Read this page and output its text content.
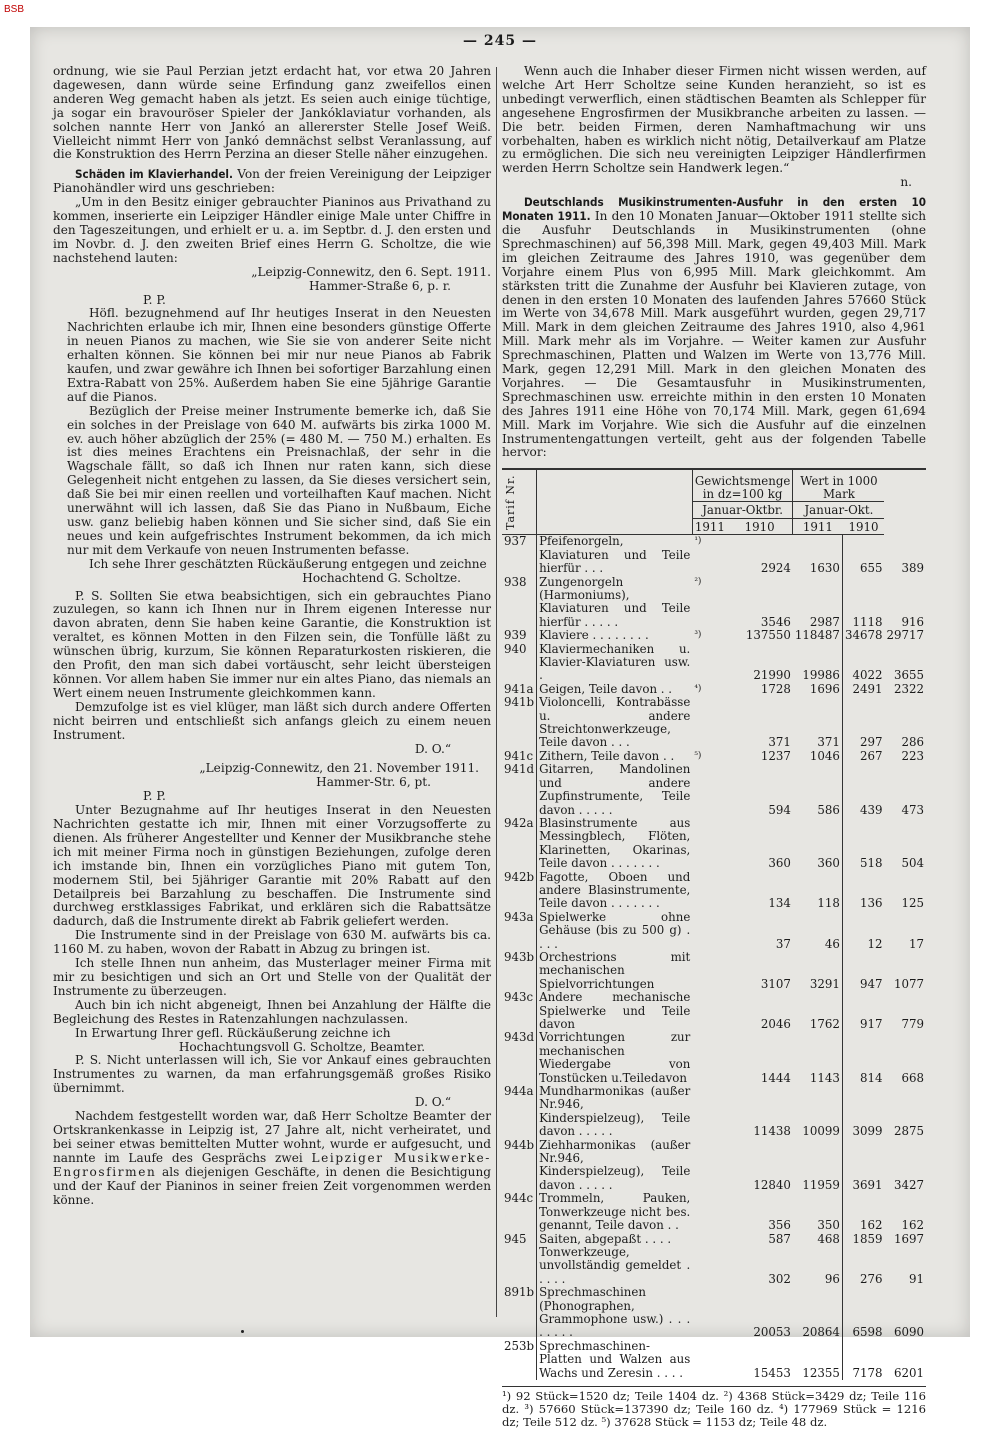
BSB
— 245 —

ordnung, wie sie Paul Perzian jetzt erdacht hat, vor etwa 20 Jahren dagewesen, dann würde seine Erfindung ganz zweifellos einen anderen Weg gemacht haben als jetzt. Es seien auch einige tüchtige, ja sogar ein bravouröser Spieler der Jankóklaviatur vorhanden, als solchen nannte Herr von Jankó an allererster Stelle Josef Weiß. Vielleicht nimmt Herr von Jankó demnächst selbst Veranlassung, auf die Konstruktion des Herrn Perzina an dieser Stelle näher einzugehen.

Schäden im Klavierhandel. Von der freien Vereinigung der Leipziger Pianohändler wird uns geschrieben:

„Um in den Besitz einiger gebrauchter Pianinos aus Privathand zu kommen, inserierte ein Leipziger Händler einige Male unter Chiffre in den Tageszeitungen, und erhielt er u. a. im Septbr. d. J. den ersten und im Novbr. d. J. den zweiten Brief eines Herrn G. Scholtze, die wie nachstehend lauten:

„Leipzig-Connewitz, den 6. Sept. 1911.

Hammer-Straße 6, p. r.

P. P.

Höfl. bezugnehmend auf Ihr heutiges Inserat in den Neuesten Nachrichten erlaube ich mir, Ihnen eine besonders günstige Offerte in neuen Pianos zu machen, wie Sie sie von anderer Seite nicht erhalten können. Sie können bei mir nur neue Pianos ab Fabrik kaufen, und zwar gewähre ich Ihnen bei sofortiger Barzahlung einen Extra-Rabatt von 25%. Außerdem haben Sie eine 5jährige Garantie auf die Pianos.

Bezüglich der Preise meiner Instrumente bemerke ich, daß Sie ein solches in der Preislage von 640 M. aufwärts bis zirka 1000 M. ev. auch höher abzüglich der 25% (= 480 M. — 750 M.) erhalten. Es ist dies meines Erachtens ein Preisnachlaß, der sehr in die Wagschale fällt, so daß ich Ihnen nur raten kann, sich diese Gelegenheit nicht entgehen zu lassen, da Sie dieses versichert sein, daß Sie bei mir einen reellen und vorteilhaften Kauf machen. Nicht unerwähnt will ich lassen, daß Sie das Piano in Nußbaum, Eiche usw. ganz beliebig haben können und Sie sicher sind, daß Sie ein neues und kein aufgefrischtes Instrument bekommen, da ich mich nur mit dem Verkaufe von neuen Instrumenten befasse.

Ich sehe Ihrer geschätzten Rückäußerung entgegen und zeichne

Hochachtend G. Scholtze.

P. S. Sollten Sie etwa beabsichtigen, sich ein gebrauchtes Piano zuzulegen, so kann ich Ihnen nur in Ihrem eigenen Interesse nur davon abraten, denn Sie haben keine Garantie, die Konstruktion ist veraltet, es können Motten in den Filzen sein, die Tonfülle läßt zu wünschen übrig, kurzum, Sie können Reparaturkosten riskieren, die den Profit, den man sich dabei vortäuscht, sehr leicht übersteigen können. Vor allem haben Sie immer nur ein altes Piano, das niemals an Wert einem neuen Instrumente gleichkommen kann.

Demzufolge ist es viel klüger, man läßt sich durch andere Offerten nicht beirren und entschließt sich anfangs gleich zu einem neuen Instrument.

D. O.“

„Leipzig-Connewitz, den 21. November 1911.

Hammer-Str. 6, pt.

P. P.

Unter Bezugnahme auf Ihr heutiges Inserat in den Neuesten Nachrichten gestatte ich mir, Ihnen mit einer Vorzugsofferte zu dienen. Als früherer Angestellter und Kenner der Musikbranche stehe ich mit meiner Firma noch in günstigen Beziehungen, zufolge deren ich imstande bin, Ihnen ein vorzügliches Piano mit gutem Ton, modernem Stil, bei 5jähriger Garantie mit 20% Rabatt auf den Detailpreis bei Barzahlung zu beschaffen. Die Instrumente sind durchweg erstklassiges Fabrikat, und erklären sich die Rabattsätze dadurch, daß die Instrumente direkt ab Fabrik geliefert werden.

Die Instrumente sind in der Preislage von 630 M. aufwärts bis ca. 1160 M. zu haben, wovon der Rabatt in Abzug zu bringen ist.

Ich stelle Ihnen nun anheim, das Musterlager meiner Firma mit mir zu besichtigen und sich an Ort und Stelle von der Qualität der Instrumente zu überzeugen.

Auch bin ich nicht abgeneigt, Ihnen bei Anzahlung der Hälfte die Begleichung des Restes in Ratenzahlungen nachzulassen.

In Erwartung Ihrer gefl. Rückäußerung zeichne ich

Hochachtungsvoll G. Scholtze, Beamter.

P. S. Nicht unterlassen will ich, Sie vor Ankauf eines gebrauchten Instrumentes zu warnen, da man erfahrungsgemäß großes Risiko übernimmt.

D. O.“

Nachdem festgestellt worden war, daß Herr Scholtze Beamter der Ortskrankenkasse in Leipzig ist, 27 Jahre alt, nicht verheiratet, und bei seiner etwas bemittelten Mutter wohnt, wurde er aufgesucht, und nannte im Laufe des Gesprächs zwei Leipziger Musikwerke-Engrosfirmen als diejenigen Geschäfte, in denen die Besichtigung und der Kauf der Pianinos in seiner freien Zeit vorgenommen werden könne.

Wenn auch die Inhaber dieser Firmen nicht wissen werden, auf welche Art Herr Scholtze seine Kunden heranzieht, so ist es unbedingt verwerflich, einen städtischen Beamten als Schlepper für angesehene Engrosfirmen der Musikbranche arbeiten zu lassen. — Die betr. beiden Firmen, deren Namhaftmachung wir uns vorbehalten, haben es wirklich nicht nötig, Detailverkauf am Platze zu ermöglichen. Die sich neu vereinigten Leipziger Händlerfirmen werden Herrn Scholtze sein Handwerk legen.“

n.

Deutschlands Musikinstrumenten-Ausfuhr in den ersten 10 Monaten 1911. In den 10 Monaten Januar—Oktober 1911 stellte sich die Ausfuhr Deutschlands in Musikinstrumenten (ohne Sprechmaschinen) auf 56,398 Mill. Mark, gegen 49,403 Mill. Mark im gleichen Zeitraume des Jahres 1910, was gegenüber dem Vorjahre einem Plus von 6,995 Mill. Mark gleichkommt. Am stärksten tritt die Zunahme der Ausfuhr bei Klavieren zutage, von denen in den ersten 10 Monaten des laufenden Jahres 57660 Stück im Werte von 34,678 Mill. Mark ausgeführt wurden, gegen 29,717 Mill. Mark in dem gleichen Zeitraume des Jahres 1910, also 4,961 Mill. Mark mehr als im Vorjahre. — Weiter kamen zur Ausfuhr Sprechmaschinen, Platten und Walzen im Werte von 13,776 Mill. Mark, gegen 12,291 Mill. Mark in den gleichen Monaten des Vorjahres. — Die Gesamtausfuhr in Musikinstrumenten, Sprechmaschinen usw. erreichte mithin in den ersten 10 Monaten des Jahres 1911 eine Höhe von 70,174 Mill. Mark, gegen 61,694 Mill. Mark im Vorjahre. Wie sich die Ausfuhr auf die einzelnen Instrumentengattungen verteilt, geht aus der folgenden Tabelle hervor:

Tarif Nr.		Gewichtsmenge in dz=100 kg		Wert in 1000 Mark		
		Januar-Oktbr.		Januar-Okt.		
		1911	1910	1911	1910	
937	Pfeifenorgeln, Klaviaturen und Teile hierfür . . .	¹)	2924	1630	655	389
938	Zungenorgeln (Harmoniums), Klaviaturen und Teile hierfür . . . . .	²)	3546	2987	1118	916
939	Klaviere . . . . . . . .	³)	137550	118487	34678	29717
940	Klaviermechaniken u. Klavier-Klaviaturen usw. .		21990	19986	4022	3655
941a	Geigen, Teile davon . .	⁴)	1728	1696	2491	2322
941b	Violoncelli, Kontrabässe u. andere Streichtonwerkzeuge, Teile davon . . .		371	371	297	286
941c	Zithern, Teile davon . .	⁵)	1237	1046	267	223
941d	Gitarren, Mandolinen und andere Zupfinstrumente, Teile davon . . . . .		594	586	439	473
942a	Blasinstrumente aus Messingblech, Flöten, Klarinetten, Okarinas, Teile davon . . . . . . .		360	360	518	504
942b	Fagotte, Oboen und andere Blasinstrumente, Teile davon . . . . . . .		134	118	136	125
943a	Spielwerke ohne Gehäuse (bis zu 500 g) . . . .		37	46	12	17
943b	Orchestrions mit mechanischen Spielvorrichtungen		3107	3291	947	1077
943c	Andere mechanische Spielwerke und Teile davon		2046	1762	917	779
943d	Vorrichtungen zur mechanischen Wiedergabe von Tonstücken u.Teiledavon		1444	1143	814	668
944a	Mundharmonikas (außer Nr.946, Kinderspielzeug), Teile davon . . . . .		11438	10099	3099	2875
944b	Ziehharmonikas (außer Nr.946, Kinderspielzeug), Teile davon . . . . .		12840	11959	3691	3427
944c	Trommeln, Pauken, Tonwerkzeuge nicht bes. genannt, Teile davon . .		356	350	162	162
945	Saiten, abgepaßt . . . .		587	468	1859	1697
	Tonwerkzeuge, unvollständig gemeldet . . . . .		302	96	276	91
891b	Sprechmaschinen (Phonographen, Grammophone usw.) . . . . . . . .		20053	20864	6598	6090
253b	Sprechmaschinen-Platten und Walzen aus Wachs und Zeresin . . . .		15453	12355	7178	6201
¹) 92 Stück=1520 dz; Teile 1404 dz. ²) 4368 Stück=3429 dz; Teile 116 dz. ³) 57660 Stück=137390 dz; Teile 160 dz. ⁴) 177969 Stück = 1216 dz; Teile 512 dz. ⁵) 37628 Stück = 1153 dz; Teile 48 dz.
